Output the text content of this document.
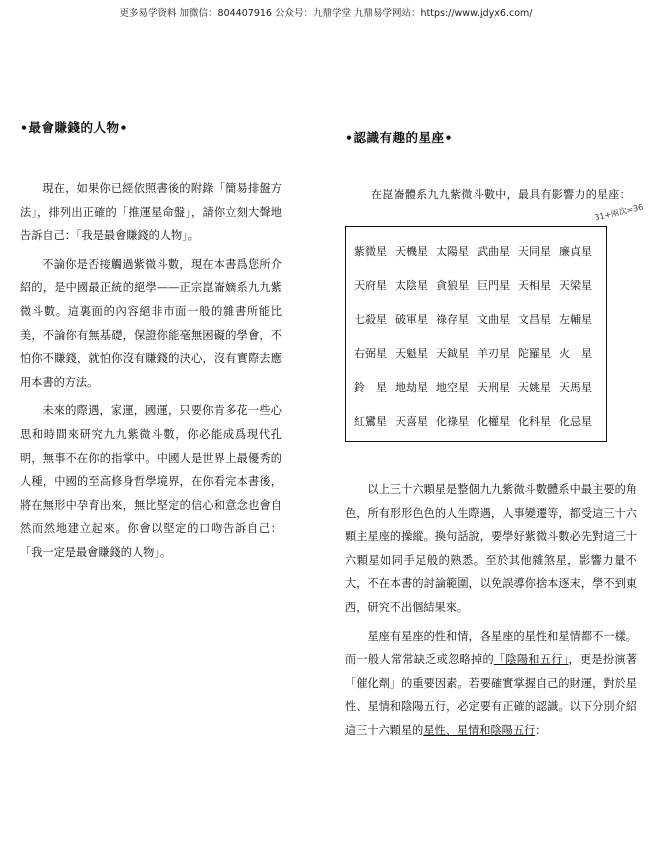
更多易学资料 加微信：804407916 公众号：九鼎学堂 九鼎易学网站：https://www.jdyx6.com/

•最會賺錢的人物•

現在，如果你已經依照書後的附錄「簡易排盤方法」，排列出正確的「推運星命盤」，請你立刻大聲地告訴自己：「我是最會賺錢的人物」。

不論你是否接觸過紫微斗數，現在本書爲您所介紹的，是中國最正統的絕學——正宗崑崙嫡系九九紫微斗數。這裏面的內容絕非市面一般的雜書所能比美，不論你有無基礎，保證你能毫無困礙的學會，不怕你不賺錢，就怕你沒有賺錢的決心，沒有實際去應用本書的方法。

未來的際遇，家運，國運，只要你肯多花一些心思和時間來研究九九紫微斗數，你必能成爲現代孔明，無事不在你的指掌中。中國人是世界上最優秀的人種，中國的至高修身哲學境界，在你看完本書後，將在無形中孕育出來，無比堅定的信心和意念也會自然而然地建立起來。你會以堅定的口吻告訴自己：「我一定是最會賺錢的人物」。

•認識有趣的星座•

在崑崙體系九九紫微斗數中，最具有影響力的星座：

31+兩次=36
紫微星 天機星 太陽星 武曲星 天同星 廉貞星
天府星 太陰星 貪狼星 巨門星 天相星 天梁星
七殺星 破軍星 祿存星 文曲星 文昌星 左輔星
右弼星 天魁星 天鉞星 羊刃星 陀羅星 火　星
鈴　星 地劫星 地空星 天刑星 天姚星 天馬星
紅鸞星 天喜星 化祿星 化權星 化科星 化忌星

以上三十六顆星是整個九九紫微斗數體系中最主要的角色，所有形形色色的人生際遇，人事變遷等，都受這三十六顆主星座的操縱。換句話說，要學好紫微斗數必先對這三十六顆星如同手足般的熟悉。至於其他雜煞星，影響力量不大，不在本書的討論範圍，以免誤導你捨本逐末，學不到東西，研究不出個結果來。

星座有星座的性和情，各星座的星性和星情都不一樣。而一般人常常缺乏或忽略掉的「陰陽和五行」，更是扮演著「催化劑」的重要因素。若要確實掌握自己的財運，對於星性、星情和陰陽五行，必定要有正確的認識。以下分別介紹這三十六顆星的星性、星情和陰陽五行：
